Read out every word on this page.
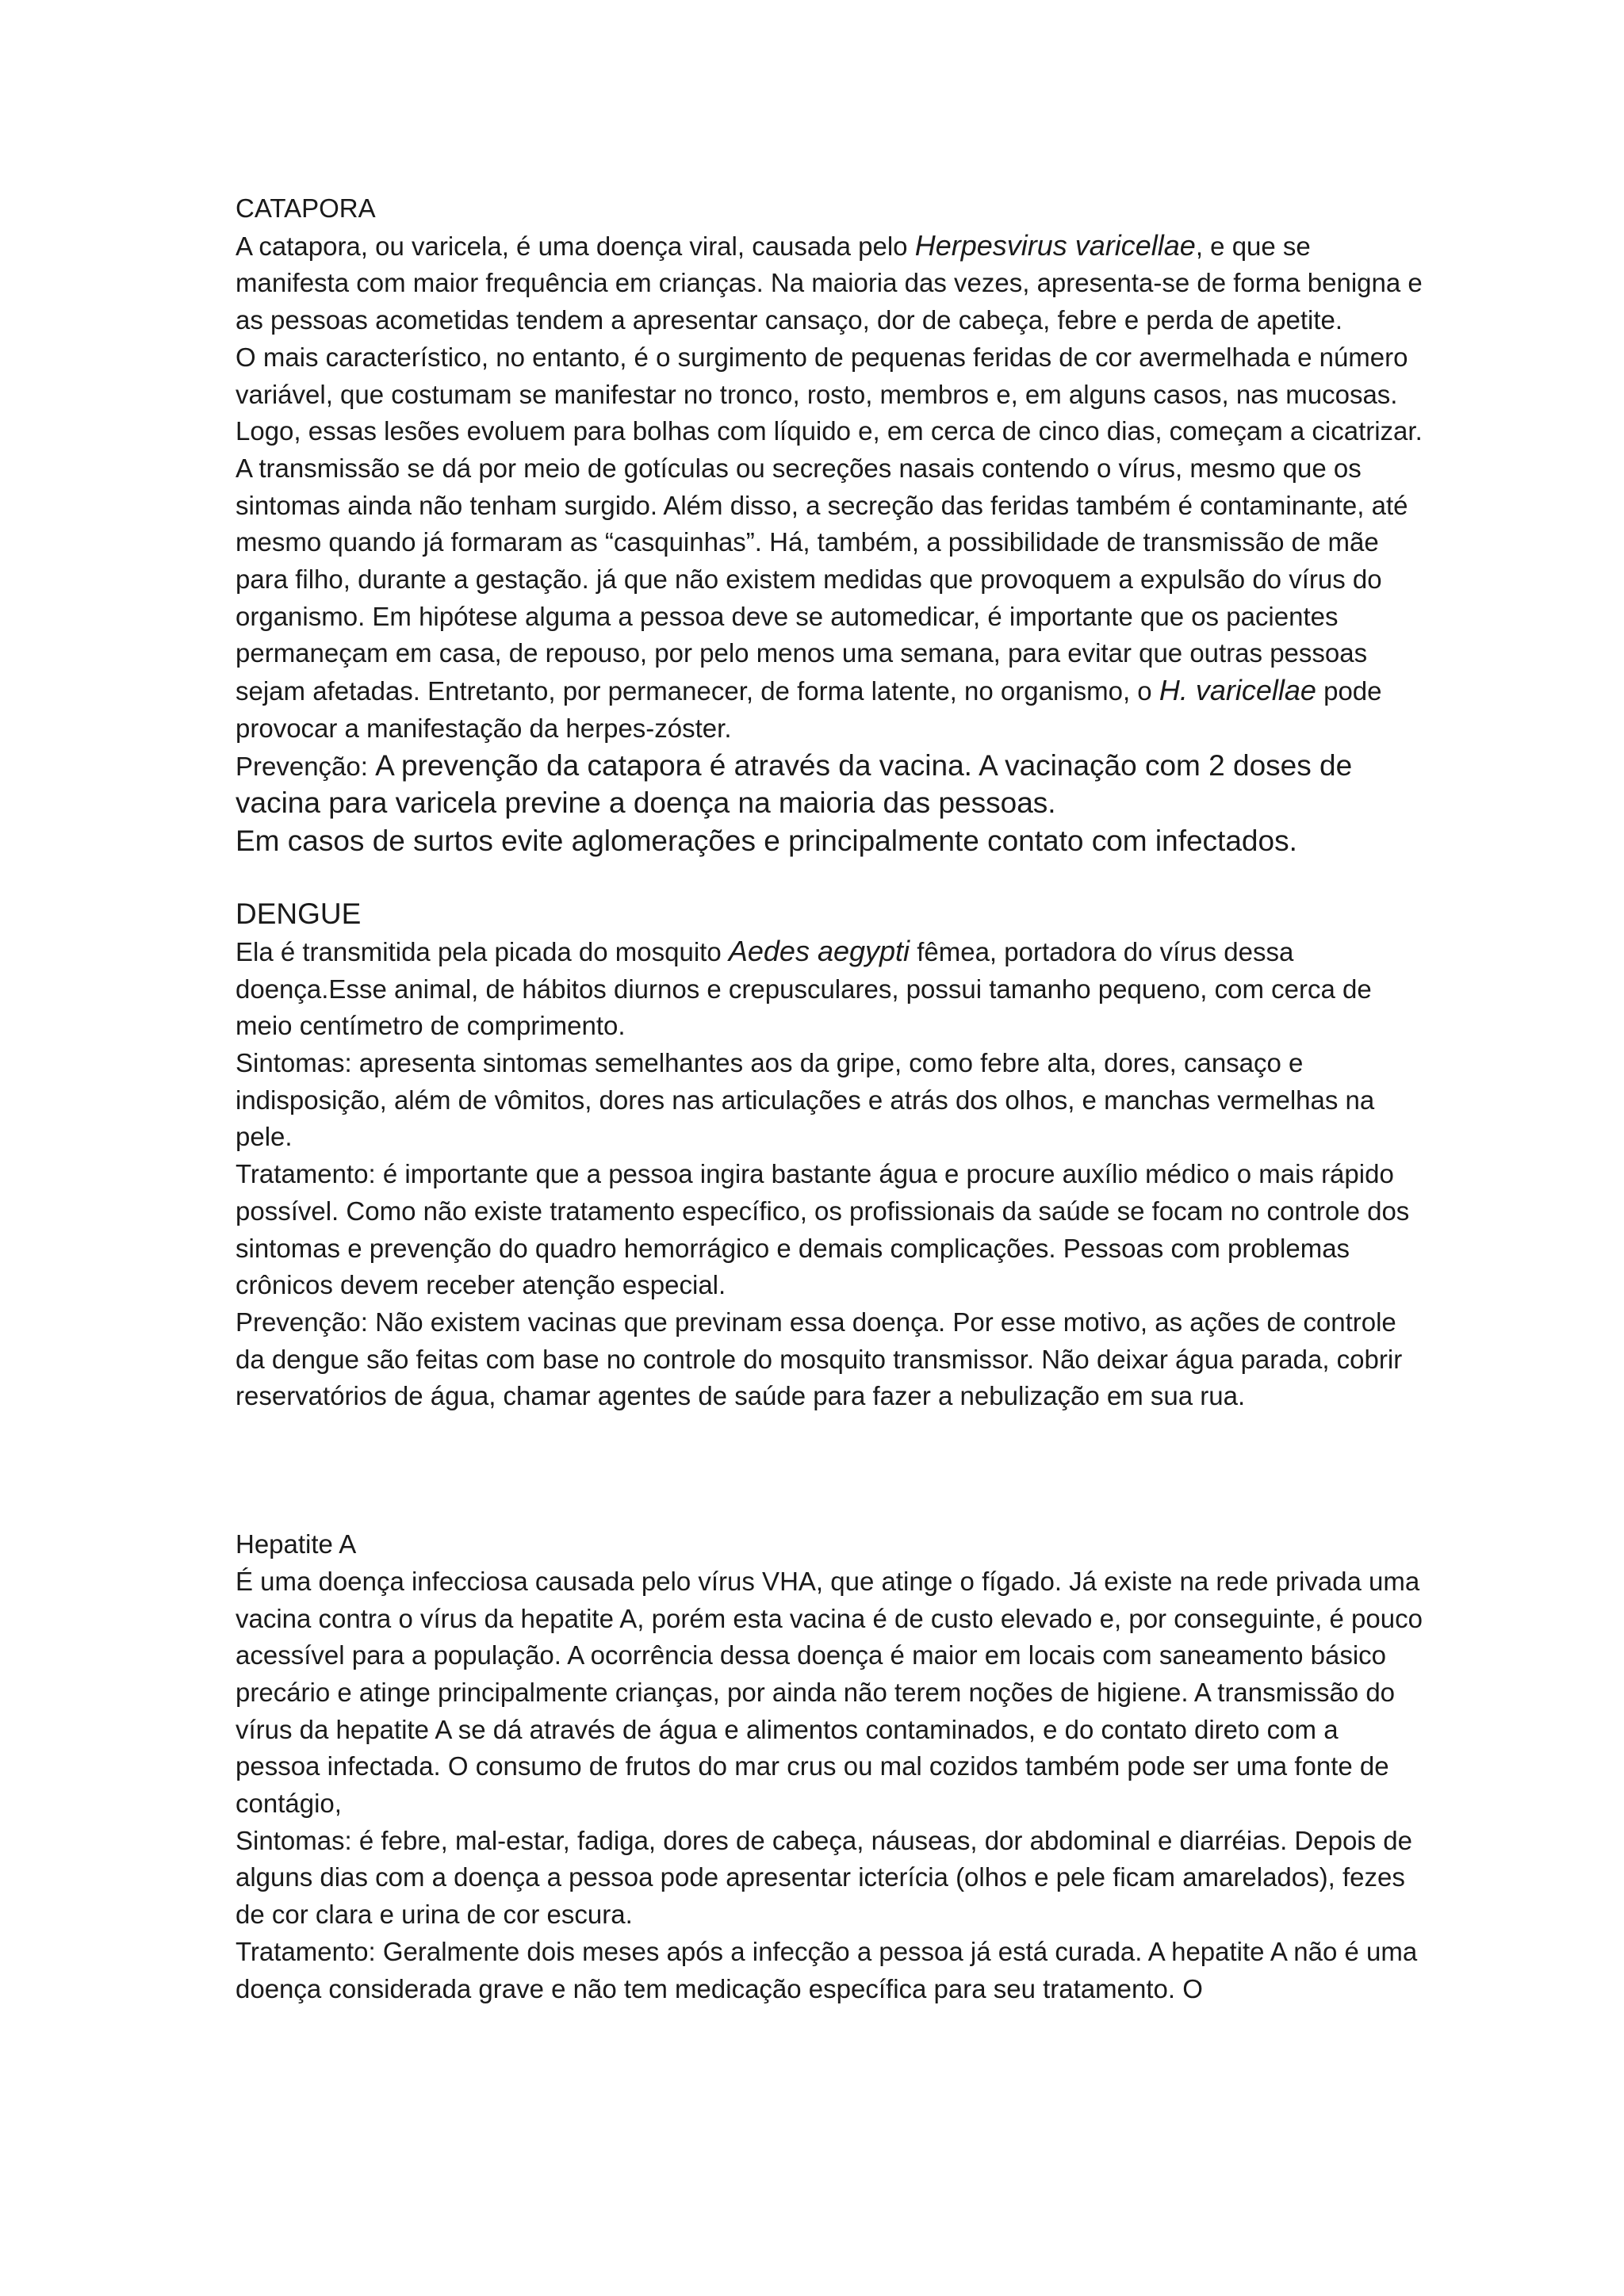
CATAPORA

A catapora, ou varicela, é uma doença viral, causada pelo Herpesvirus varicellae, e que se manifesta com maior frequência em crianças. Na maioria das vezes, apresenta-se de forma benigna e as pessoas acometidas tendem a apresentar cansaço, dor de cabeça, febre e perda de apetite.

O mais característico, no entanto, é o surgimento de pequenas feridas de cor avermelhada e número variável, que costumam se manifestar no tronco, rosto, membros e, em alguns casos, nas mucosas. Logo, essas lesões evoluem para bolhas com líquido e, em cerca de cinco dias, começam a cicatrizar.

A transmissão se dá por meio de gotículas ou secreções nasais contendo o vírus, mesmo que os sintomas ainda não tenham surgido. Além disso, a secreção das feridas também é contaminante, até mesmo quando já formaram as “casquinhas”. Há, também, a possibilidade de transmissão de mãe para filho, durante a gestação. já que não existem medidas que provoquem a expulsão do vírus do organismo. Em hipótese alguma a pessoa deve se automedicar, é importante que os pacientes permaneçam em casa, de repouso, por pelo menos uma semana, para evitar que outras pessoas sejam afetadas. Entretanto, por permanecer, de forma latente, no organismo, o H. varicellae pode provocar a manifestação da herpes-zóster.

Prevenção: A prevenção da catapora é através da vacina. A vacinação com 2 doses de vacina para varicela previne a doença na maioria das pessoas.

Em casos de surtos evite aglomerações e principalmente contato com infectados.

DENGUE

Ela é transmitida pela picada do mosquito Aedes aegypti fêmea, portadora do vírus dessa doença.Esse animal, de hábitos diurnos e crepusculares, possui tamanho pequeno, com cerca de meio centímetro de comprimento.

Sintomas: apresenta sintomas semelhantes aos da gripe, como febre alta, dores, cansaço e indisposição, além de vômitos, dores nas articulações e atrás dos olhos, e manchas vermelhas na pele.

Tratamento: é importante que a pessoa ingira bastante água e procure auxílio médico o mais rápido possível. Como não existe tratamento específico, os profissionais da saúde se focam no controle dos sintomas e prevenção do quadro hemorrágico e demais complicações. Pessoas com problemas crônicos devem receber atenção especial.

Prevenção: Não existem vacinas que previnam essa doença. Por esse motivo, as ações de controle da dengue são feitas com base no controle do mosquito transmissor. Não deixar água parada, cobrir reservatórios de água, chamar agentes de saúde para fazer a nebulização em sua rua.

Hepatite A

É uma doença infecciosa causada pelo vírus VHA, que atinge o fígado. Já existe na rede privada uma vacina contra o vírus da hepatite A, porém esta vacina é de custo elevado e, por conseguinte, é pouco acessível para a população. A ocorrência dessa doença é maior em locais com saneamento básico precário e atinge principalmente crianças, por ainda não terem noções de higiene. A transmissão do vírus da hepatite A se dá através de água e alimentos contaminados, e do contato direto com a pessoa infectada. O consumo de frutos do mar crus ou mal cozidos também pode ser uma fonte de contágio,

Sintomas: é febre, mal-estar, fadiga, dores de cabeça, náuseas, dor abdominal e diarréias. Depois de alguns dias com a doença a pessoa pode apresentar icterícia (olhos e pele ficam amarelados), fezes de cor clara e urina de cor escura.

Tratamento: Geralmente dois meses após a infecção a pessoa já está curada. A hepatite A não é uma doença considerada grave e não tem medicação específica para seu tratamento. O
